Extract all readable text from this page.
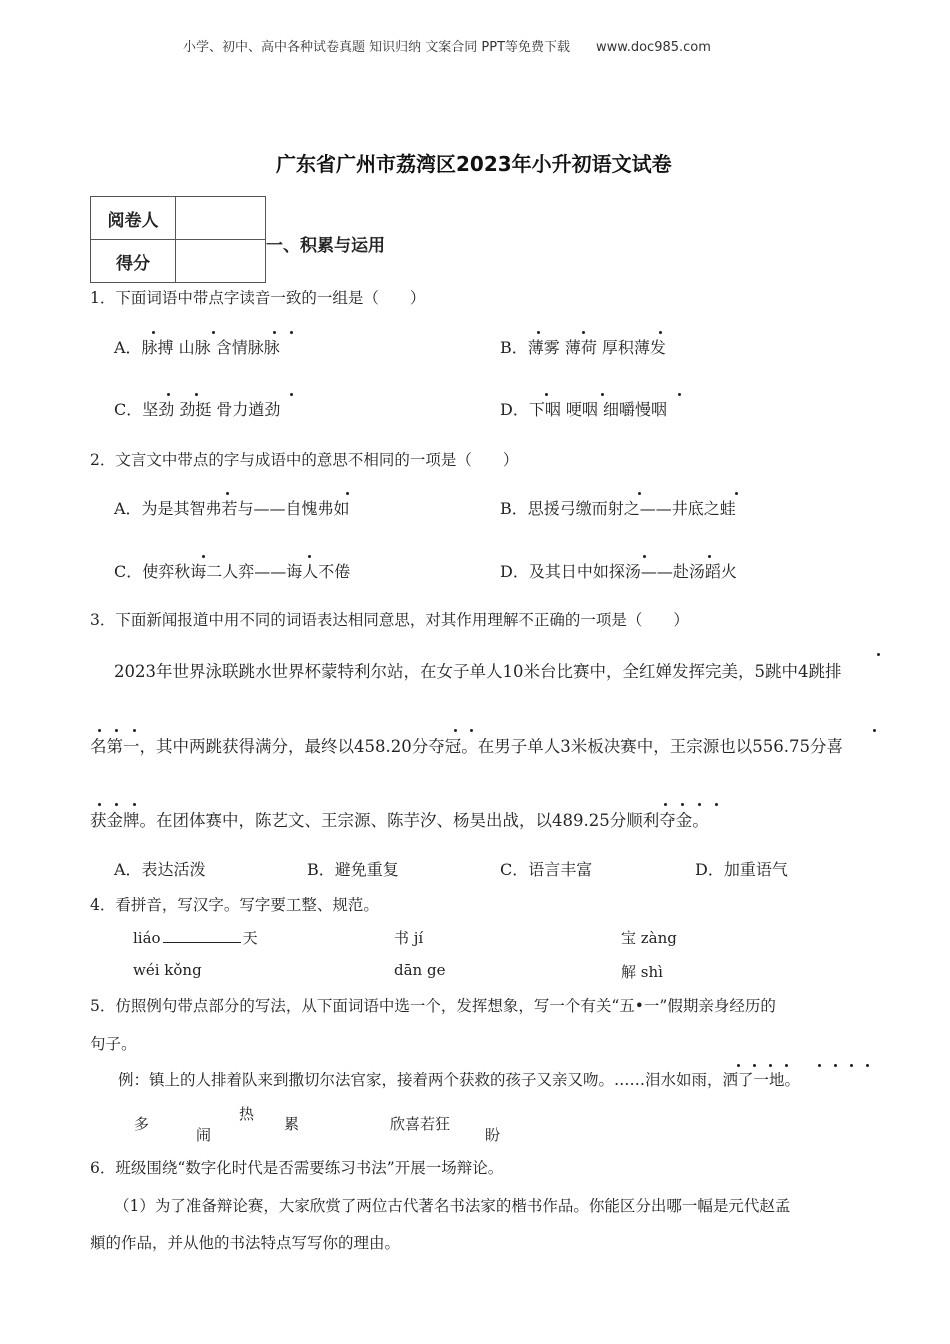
小学、初中、高中各种试卷真题 知识归纳 文案合同 PPT等免费下载　　www.doc985.com
广东省广州市荔湾区2023年小升初语文试卷
阅卷人	
得分	
一、积累与运用
1．下面词语中带点字读音一致的一组是（　　）
A．脉搏 山脉 含情脉脉	B．薄雾 薄荷 厚积薄发
C．坚劲 劲挺 骨力遒劲	D．下咽 哽咽 细嚼慢咽
2．文言文中带点的字与成语中的意思不相同的一项是（　　）
A．为是其智弗若与——自愧弗如	B．思援弓缴而射之——井底之蛙
C．使弈秋诲二人弈——诲人不倦	D．及其日中如探汤——赴汤蹈火
3．下面新闻报道中用不同的词语表达相同意思，对其作用理解不正确的一项是（　　）
2023年世界泳联跳水世界杯蒙特利尔站，在女子单人10米台比赛中，全红婵发挥完美，5跳中4跳排
名第一，其中两跳获得满分，最终以458.20分夺冠。在男子单人3米板决赛中，王宗源也以556.75分喜
获金牌。在团体赛中，陈艺文、王宗源、陈芋汐、杨昊出战，以489.25分顺利夺金。
A．表达活泼	B．避免重复	C．语言丰富	D．加重语气
4．看拼音，写汉字。写字要工整、规范。
liáo	天	书 jí	宝 zàng
wéi kǒng	dān ge	解 shì
5．仿照例句带点部分的写法，从下面词语中选一个，发挥想象，写一个有关“五•一”假期亲身经历的
句子。
例：镇上的人排着队来到撒切尔法官家，接着两个获救的孩子又亲又吻。……泪水如雨，洒了一地。
多
闹
热
累	欣喜若狂
盼
6．班级围绕“数字化时代是否需要练习书法”开展一场辩论。
（1）为了准备辩论赛，大家欣赏了两位古代著名书法家的楷书作品。你能区分出哪一幅是元代赵孟
頫的作品，并从他的书法特点写写你的理由。
